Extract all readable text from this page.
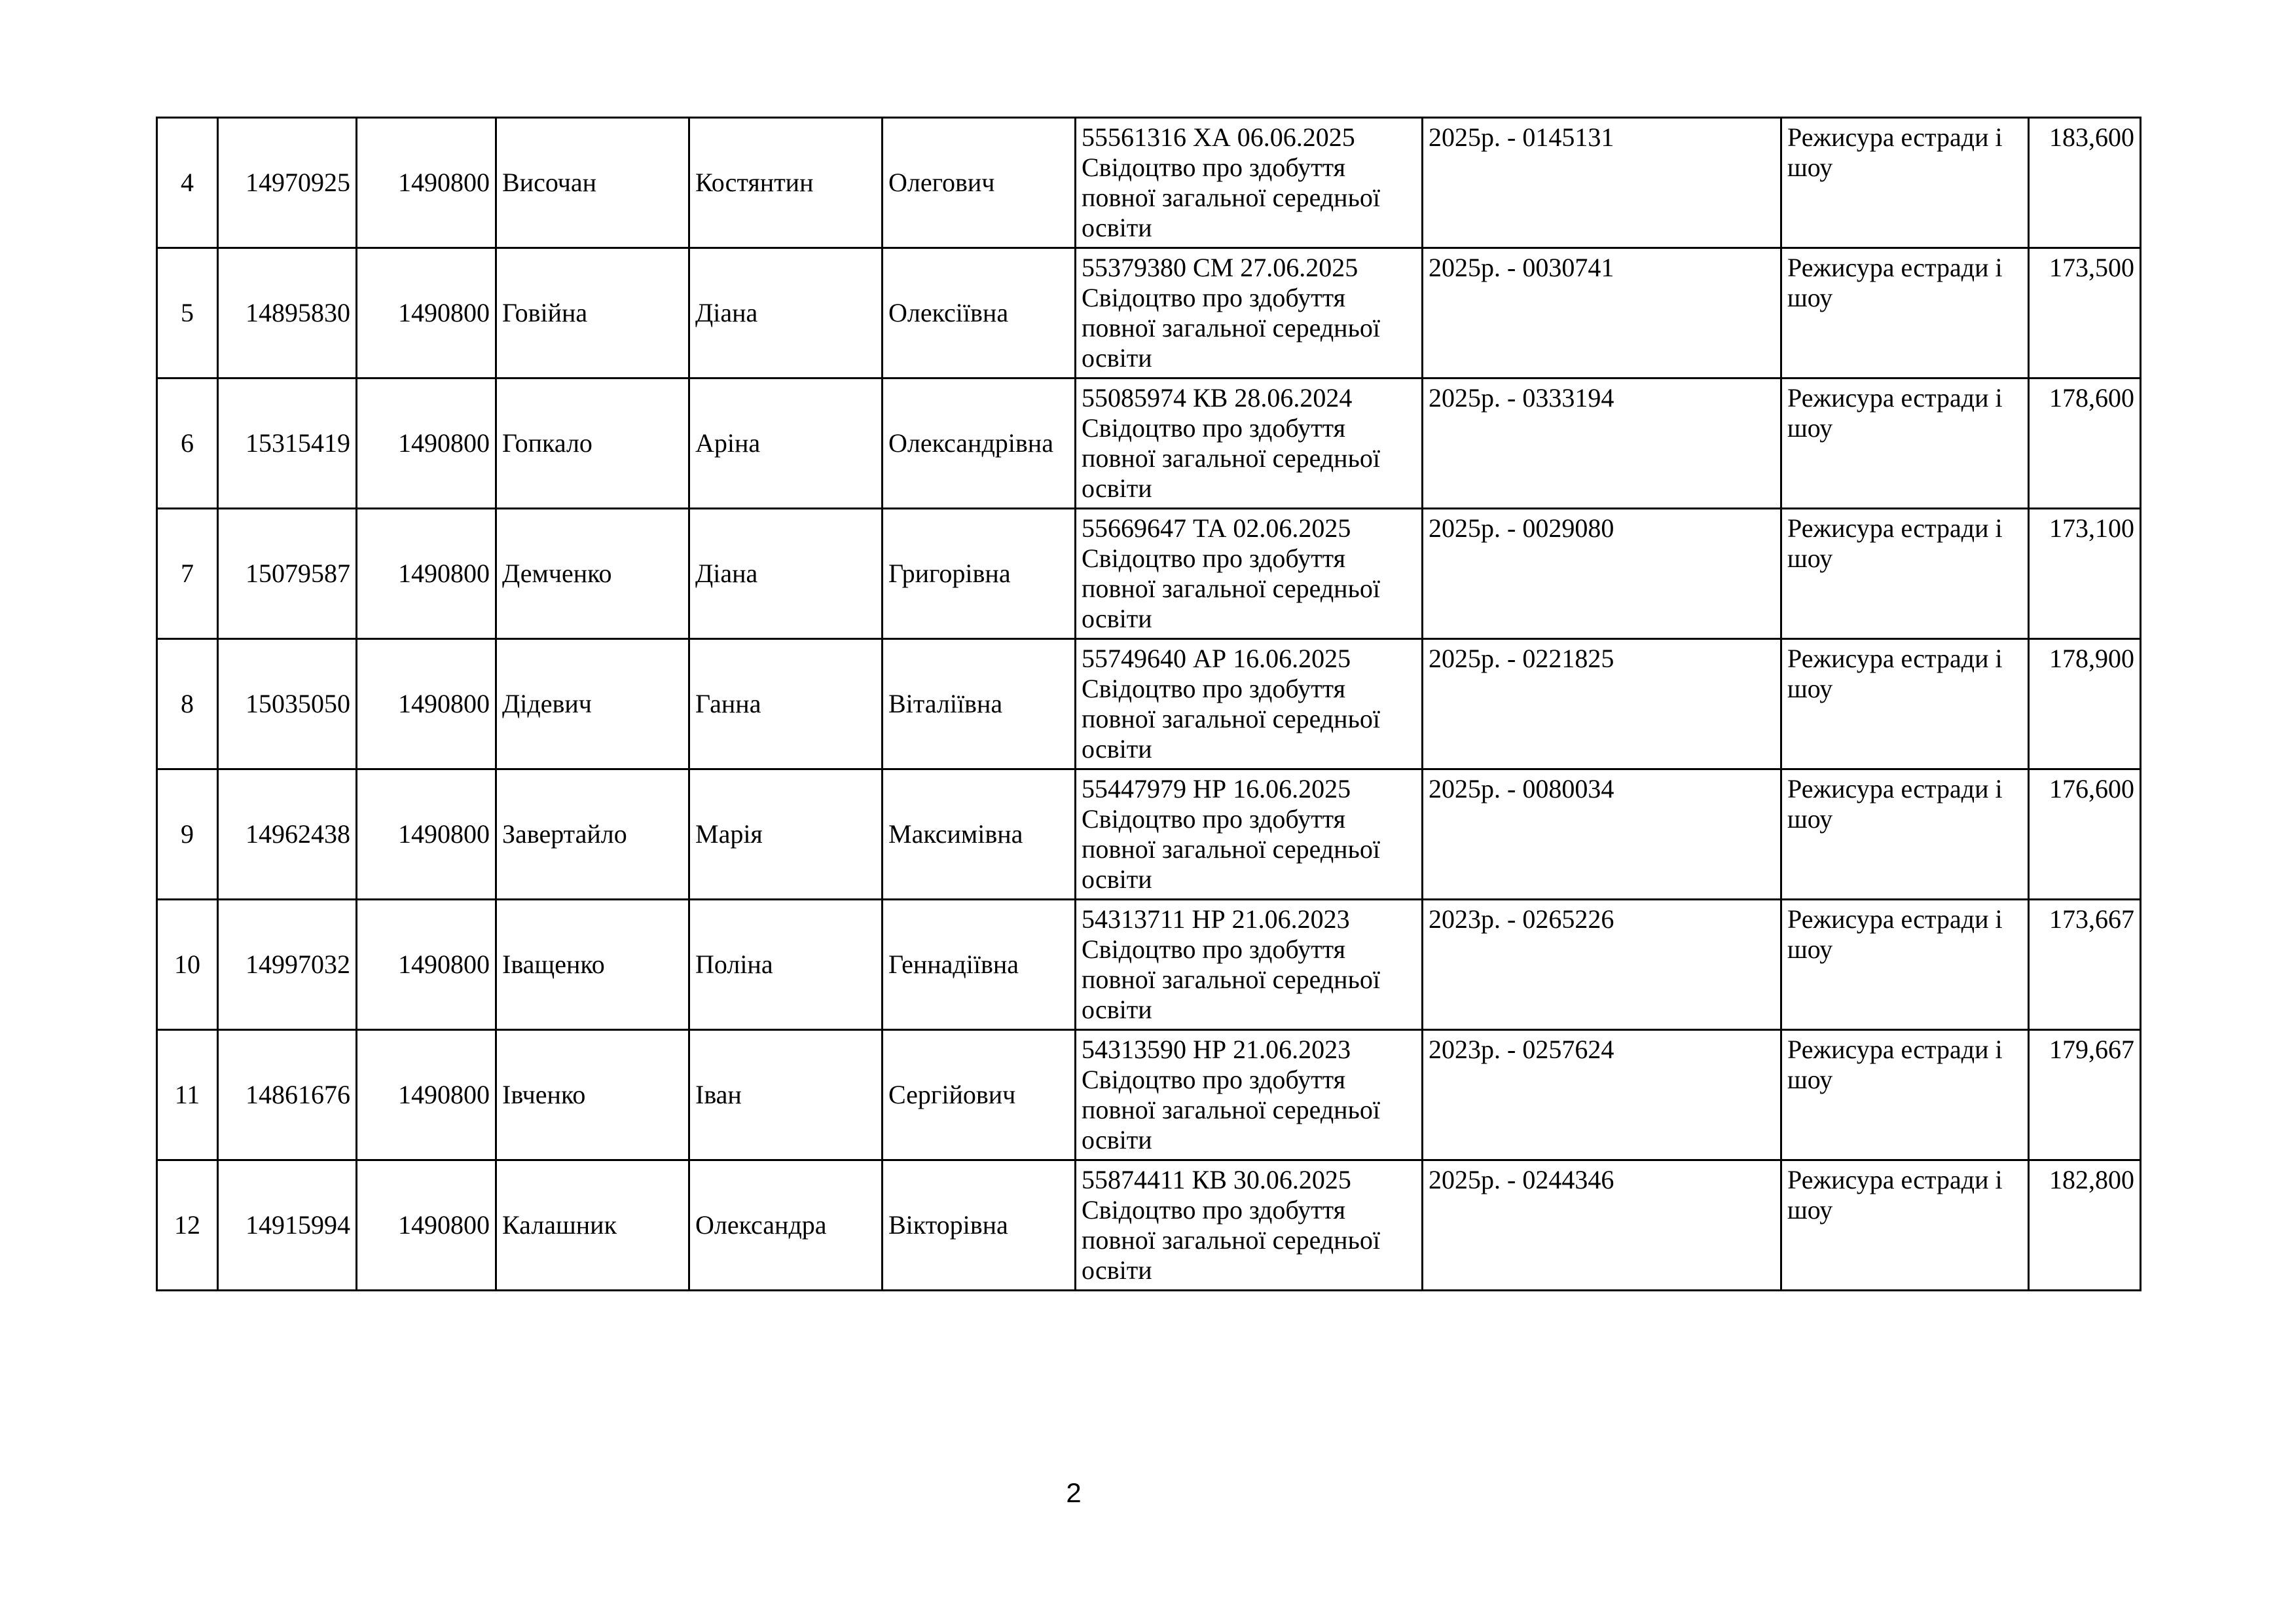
4	14970925	1490800	Височан	Костянтин	Олегович	55561316 ХА 06.06.2025
Свідоцтво про здобуття повної загальної середньої освіти	2025р. - 0145131	Режисура естради і шоу	183,600
5	14895830	1490800	Говійна	Діана	Олексіївна	55379380 СМ 27.06.2025
Свідоцтво про здобуття повної загальної середньої освіти	2025р. - 0030741	Режисура естради і шоу	173,500
6	15315419	1490800	Гопкало	Аріна	Олександрівна	55085974 КВ 28.06.2024
Свідоцтво про здобуття повної загальної середньої освіти	2025р. - 0333194	Режисура естради і шоу	178,600
7	15079587	1490800	Демченко	Діана	Григорівна	55669647 ТА 02.06.2025
Свідоцтво про здобуття повної загальної середньої освіти	2025р. - 0029080	Режисура естради і шоу	173,100
8	15035050	1490800	Дідевич	Ганна	Віталіївна	55749640 АР 16.06.2025
Свідоцтво про здобуття повної загальної середньої освіти	2025р. - 0221825	Режисура естради і шоу	178,900
9	14962438	1490800	Завертайло	Марія	Максимівна	55447979 НР 16.06.2025
Свідоцтво про здобуття повної загальної середньої освіти	2025р. - 0080034	Режисура естради і шоу	176,600
10	14997032	1490800	Іващенко	Поліна	Геннадіївна	54313711 НР 21.06.2023
Свідоцтво про здобуття повної загальної середньої освіти	2023р. - 0265226	Режисура естради і шоу	173,667
11	14861676	1490800	Івченко	Іван	Сергійович	54313590 НР 21.06.2023
Свідоцтво про здобуття повної загальної середньої освіти	2023р. - 0257624	Режисура естради і шоу	179,667
12	14915994	1490800	Калашник	Олександра	Вікторівна	55874411 КВ 30.06.2025
Свідоцтво про здобуття повної загальної середньої освіти	2025р. - 0244346	Режисура естради і шоу	182,800
2
